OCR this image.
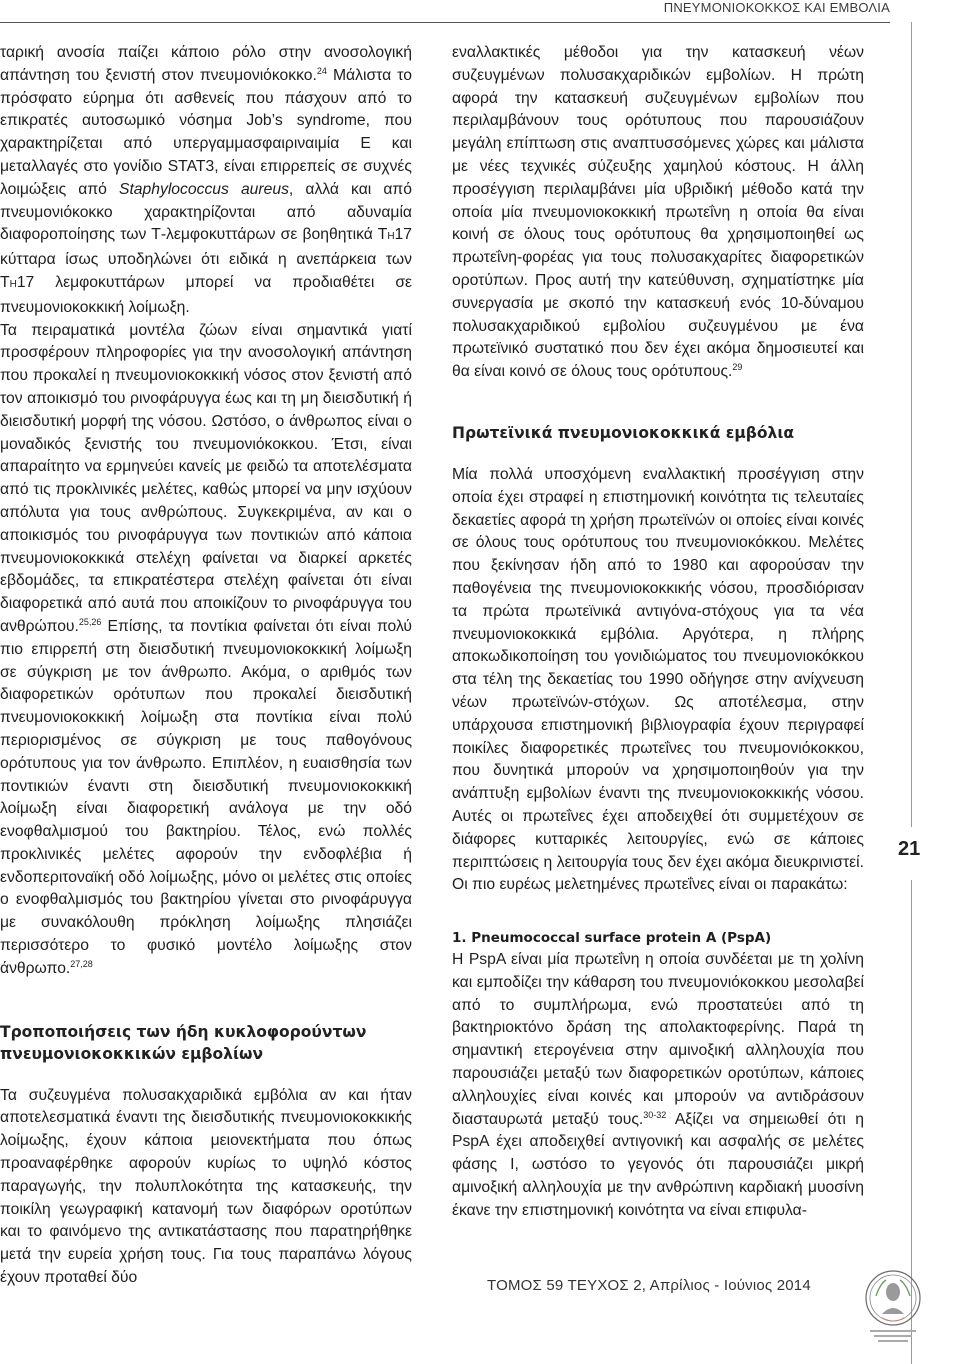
ΠΝΕΥΜΟΝΙΟΚΟΚΚΟΣ ΚΑΙ ΕΜΒΟΛΙΑ

ταρική ανοσία παίζει κάποιο ρόλο στην ανοσολογική απάντηση του ξενιστή στον πνευμονιόκοκκο.$^{24}$ Μάλιστα το πρόσφατο εύρημα ότι ασθενείς που πάσχουν από το επικρατές αυτοσωμικό νόσημα Job’s syndrome, που χαρακτηρίζεται από υπεργαμμασφαιριναιμία Ε και μεταλλαγές στο γονίδιο STAT3, είναι επιρρεπείς σε συχνές λοιμώξεις από Staphylococcus aureus, αλλά και από πνευμονιόκοκκο χαρακτηρίζονται από αδυναμία διαφοροποίησης των Τ-λεμφοκυττάρων σε βοηθητικά ΤΗ17 κύτταρα ίσως υποδηλώνει ότι ειδικά η ανεπάρκεια των ΤΗ17 λεμφοκυττάρων μπορεί να προδιαθέτει σε πνευμονιοκοκκική λοίμωξη.

Τα πειραματικά μοντέλα ζώων είναι σημαντικά γιατί προσφέρουν πληροφορίες για την ανοσολογική απάντηση που προκαλεί η πνευμονιοκοκκική νόσος στον ξενιστή από τον αποικισμό του ρινοφάρυγγα έως και τη μη διεισδυτική ή διεισδυτική μορφή της νόσου. Ωστόσο, ο άνθρωπος είναι ο μοναδικός ξενιστής του πνευμονιόκοκκου. Έτσι, είναι απαραίτητο να ερμηνεύει κανείς με φειδώ τα αποτελέσματα από τις προκλινικές μελέτες, καθώς μπορεί να μην ισχύουν απόλυτα για τους ανθρώπους. Συγκεκριμένα, αν και ο αποικισμός του ρινοφάρυγγα των ποντικιών από κάποια πνευμονιοκοκκικά στελέχη φαίνεται να διαρκεί αρκετές εβδομάδες, τα επικρατέστερα στελέχη φαίνεται ότι είναι διαφορετικά από αυτά που αποικίζουν το ρινοφάρυγγα του ανθρώπου.$^{25,26}$ Επίσης, τα ποντίκια φαίνεται ότι είναι πολύ πιο επιρρεπή στη διεισδυτική πνευμονιοκοκκική λοίμωξη σε σύγκριση με τον άνθρωπο. Ακόμα, ο αριθμός των διαφορετικών ορότυπων που προκαλεί διεισδυτική πνευμονιοκοκκική λοίμωξη στα ποντίκια είναι πολύ περιορισμένος σε σύγκριση με τους παθογόνους ορότυπους για τον άνθρωπο. Επιπλέον, η ευαισθησία των ποντικιών έναντι στη διεισδυτική πνευμονιοκοκκική λοίμωξη είναι διαφορετική ανάλογα με την οδό ενοφθαλμισμού του βακτηρίου. Τέλος, ενώ πολλές προκλινικές μελέτες αφορούν την ενδοφλέβια ή ενδοπεριτοναϊκή οδό λοίμωξης, μόνο οι μελέτες στις οποίες ο ενοφθαλμισμός του βακτηρίου γίνεται στο ρινοφάρυγγα με συνακόλουθη πρόκληση λοίμωξης πλησιάζει περισσότερο το φυσικό μοντέλο λοίμωξης στον άνθρωπο.$^{27,28}$

Τροποποιήσεις των ήδη κυκλοφορούντων πνευμονιοκοκκικών εμβολίων

Τα συζευγμένα πολυσακχαριδικά εμβόλια αν και ήταν αποτελεσματικά έναντι της διεισδυτικής πνευμονιοκοκκικής λοίμωξης, έχουν κάποια μειονεκτήματα που όπως προαναφέρθηκε αφορούν κυρίως το υψηλό κόστος παραγωγής, την πολυπλοκότητα της κατασκευής, την ποικίλη γεωγραφική κατανομή των διαφόρων οροτύπων και το φαινόμενο της αντικατάστασης που παρατηρήθηκε μετά την ευρεία χρήση τους. Για τους παραπάνω λόγους έχουν προταθεί δύο

εναλλακτικές μέθοδοι για την κατασκευή νέων συζευγμένων πολυσακχαριδικών εμβολίων. Η πρώτη αφορά την κατασκευή συζευγμένων εμβολίων που περιλαμβάνουν τους ορότυπους που παρουσιάζουν μεγάλη επίπτωση στις αναπτυσσόμενες χώρες και μάλιστα με νέες τεχνικές σύζευξης χαμηλού κόστους. Η άλλη προσέγγιση περιλαμβάνει μία υβριδική μέθοδο κατά την οποία μία πνευμονιοκοκκική πρωτεΐνη η οποία θα είναι κοινή σε όλους τους ορότυπους θα χρησιμοποιηθεί ως πρωτεΐνη-φορέας για τους πολυσακχαρίτες διαφορετικών οροτύπων. Προς αυτή την κατεύθυνση, σχηματίστηκε μία συνεργασία με σκοπό την κατασκευή ενός 10-δύναμου πολυσακχαριδικού εμβολίου συζευγμένου με ένα πρωτεϊνικό συστατικό που δεν έχει ακόμα δημοσιευτεί και θα είναι κοινό σε όλους τους ορότυπους.$^{29}$

Πρωτεϊνικά πνευμονιοκοκκικά εμβόλια

Μία πολλά υποσχόμενη εναλλακτική προσέγγιση στην οποία έχει στραφεί η επιστημονική κοινότητα τις τελευταίες δεκαετίες αφορά τη χρήση πρωτεϊνών οι οποίες είναι κοινές σε όλους τους ορότυπους του πνευμονιοκόκκου. Μελέτες που ξεκίνησαν ήδη από το 1980 και αφορούσαν την παθογένεια της πνευμονιοκοκκικής νόσου, προσδιόρισαν τα πρώτα πρωτεϊνικά αντιγόνα-στόχους για τα νέα πνευμονιοκοκκικά εμβόλια. Αργότερα, η πλήρης αποκωδικοποίηση του γονιδιώματος του πνευμονιοκόκκου στα τέλη της δεκαετίας του 1990 οδήγησε στην ανίχνευση νέων πρωτεϊνών-στόχων. Ως αποτέλεσμα, στην υπάρχουσα επιστημονική βιβλιογραφία έχουν περιγραφεί ποικίλες διαφορετικές πρωτεΐνες του πνευμονιόκοκκου, που δυνητικά μπορούν να χρησιμοποιηθούν για την ανάπτυξη εμβολίων έναντι της πνευμονιοκοκκικής νόσου. Αυτές οι πρωτεΐνες έχει αποδειχθεί ότι συμμετέχουν σε διάφορες κυτταρικές λειτουργίες, ενώ σε κάποιες περιπτώσεις η λειτουργία τους δεν έχει ακόμα διευκρινιστεί. Οι πιο ευρέως μελετημένες πρωτεΐνες είναι οι παρακάτω:

1. Pneumococcal surface protein A (PspA)

Η PspA είναι μία πρωτεΐνη η οποία συνδέεται με τη χολίνη και εμποδίζει την κάθαρση του πνευμονιόκοκκου μεσολαβεί από το συμπλήρωμα, ενώ προστατεύει από τη βακτηριοκτόνο δράση της απολακτοφερίνης. Παρά τη σημαντική ετερογένεια στην αμινοξική αλληλουχία που παρουσιάζει μεταξύ των διαφορετικών οροτύπων, κάποιες αλληλουχίες είναι κοινές και μπορούν να αντιδράσουν διασταυρωτά μεταξύ τους.$^{30-32}$ Αξίζει να σημειωθεί ότι η PspA έχει αποδειχθεί αντιγονική και ασφαλής σε μελέτες φάσης Ι, ωστόσο το γεγονός ότι παρουσιάζει μικρή αμινοξική αλληλουχία με την ανθρώπινη καρδιακή μυοσίνη έκανε την επιστημονική κοινότητα να είναι επιφυλα-

21
ΤΟΜΟΣ 59 ΤΕΥΧΟΣ 2, Απρίλιος - Ιούνιος 2014
